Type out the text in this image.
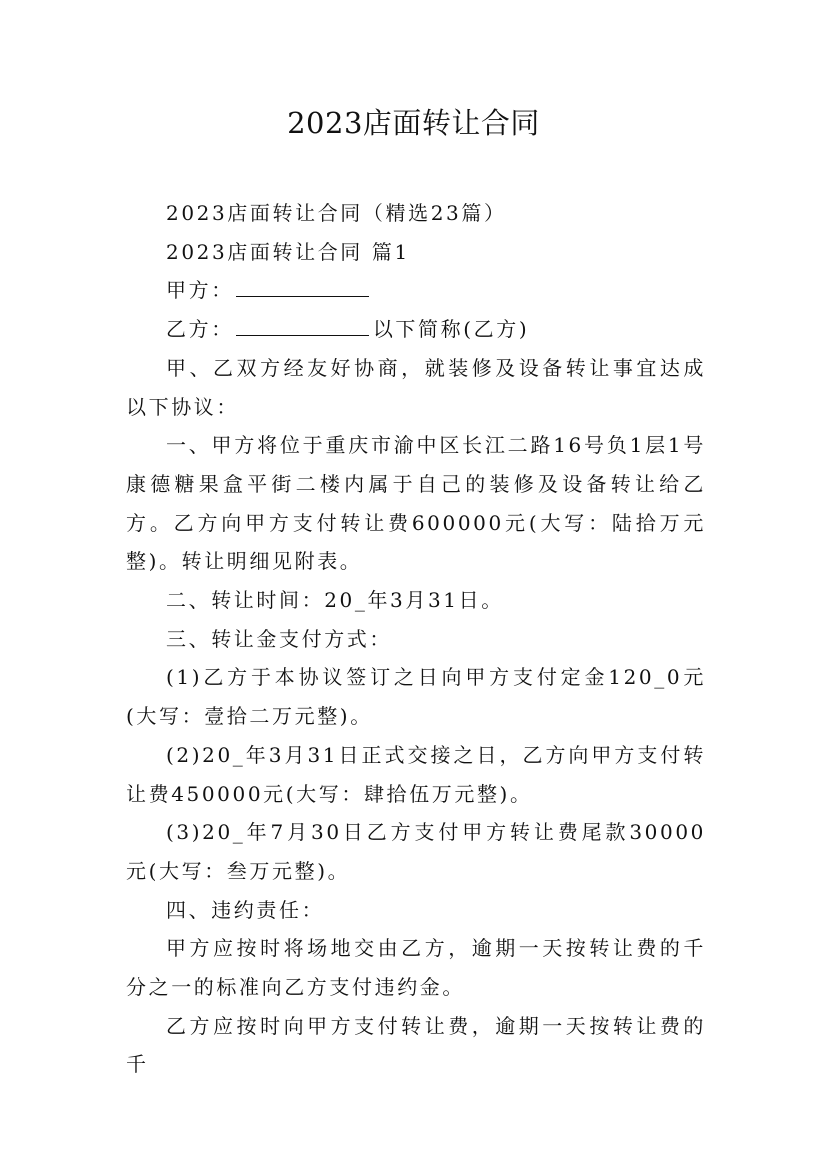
2023店面转让合同

2023店面转让合同（精选23篇）

2023店面转让合同 篇1

甲方：

乙方：	以下简称(乙方)

甲、乙双方经友好协商，就装修及设备转让事宜达成以下协议：

一、甲方将位于重庆市渝中区长江二路16号负1层1号康德糖果盒平街二楼内属于自己的装修及设备转让给乙方。乙方向甲方支付转让费600000元(大写：陆拾万元整)。转让明细见附表。

二、转让时间：20_年3月31日。

三、转让金支付方式：

(1)乙方于本协议签订之日向甲方支付定金120_0元(大写：壹拾二万元整)。

(2)20_年3月31日正式交接之日，乙方向甲方支付转让费450000元(大写：肆拾伍万元整)。

(3)20_年7月30日乙方支付甲方转让费尾款30000元(大写：叁万元整)。

四、违约责任：

甲方应按时将场地交由乙方，逾期一天按转让费的千分之一的标准向乙方支付违约金。

乙方应按时向甲方支付转让费，逾期一天按转让费的千
